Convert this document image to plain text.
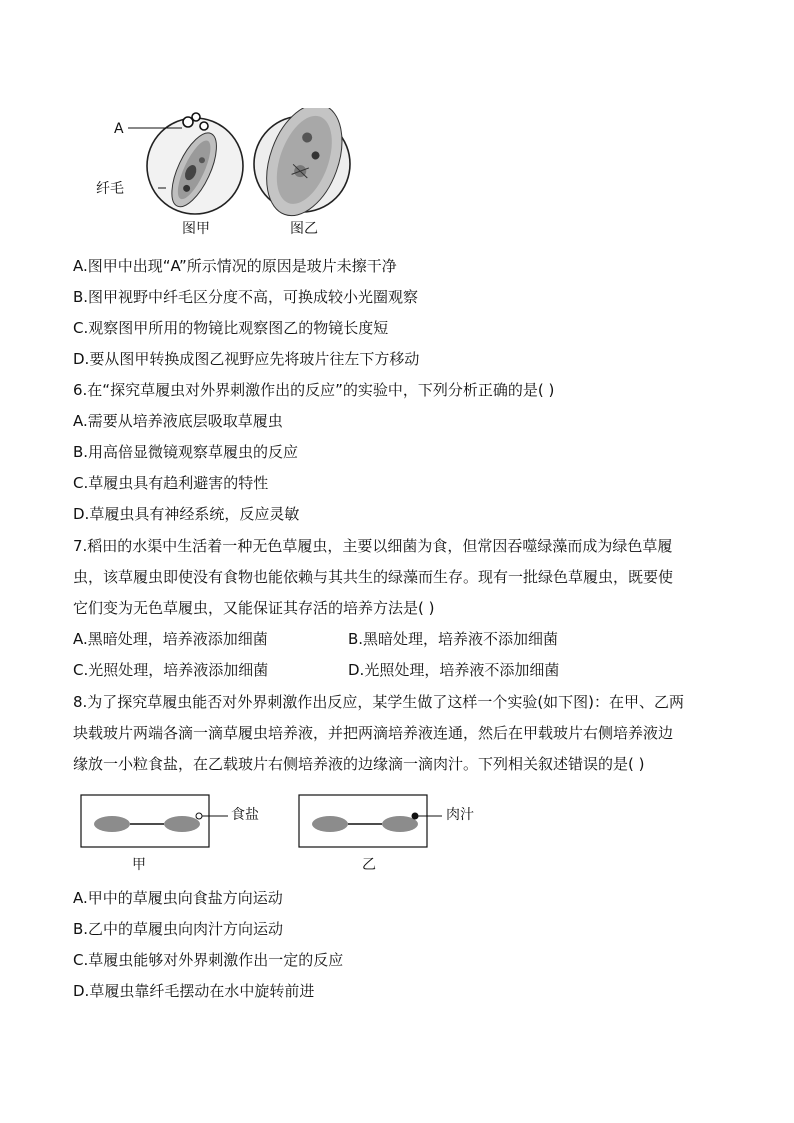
A
纤毛
图甲	图乙
A.图甲中出现“A”所示情况的原因是玻片未擦干净
B.图甲视野中纤毛区分度不高，可换成较小光圈观察
C.观察图甲所用的物镜比观察图乙的物镜长度短
D.要从图甲转换成图乙视野应先将玻片往左下方移动
6.在“探究草履虫对外界刺激作出的反应”的实验中，下列分析正确的是( )
A.需要从培养液底层吸取草履虫
B.用高倍显微镜观察草履虫的反应
C.草履虫具有趋利避害的特性
D.草履虫具有神经系统，反应灵敏
7.稻田的水渠中生活着一种无色草履虫，主要以细菌为食，但常因吞噬绿藻而成为绿色草履
虫，该草履虫即使没有食物也能依赖与其共生的绿藻而生存。现有一批绿色草履虫，既要使
它们变为无色草履虫，又能保证其存活的培养方法是( )
A.黑暗处理，培养液添加细菌	B.黑暗处理，培养液不添加细菌
C.光照处理，培养液添加细菌	D.光照处理，培养液不添加细菌
8.为了探究草履虫能否对外界刺激作出反应，某学生做了这样一个实验(如下图)：在甲、乙两
块载玻片两端各滴一滴草履虫培养液，并把两滴培养液连通，然后在甲载玻片右侧培养液边
缘放一小粒食盐，在乙载玻片右侧培养液的边缘滴一滴肉汁。下列相关叙述错误的是( )
食盐	肉汁
甲	乙
A.甲中的草履虫向食盐方向运动
B.乙中的草履虫向肉汁方向运动
C.草履虫能够对外界刺激作出一定的反应
D.草履虫靠纤毛摆动在水中旋转前进
